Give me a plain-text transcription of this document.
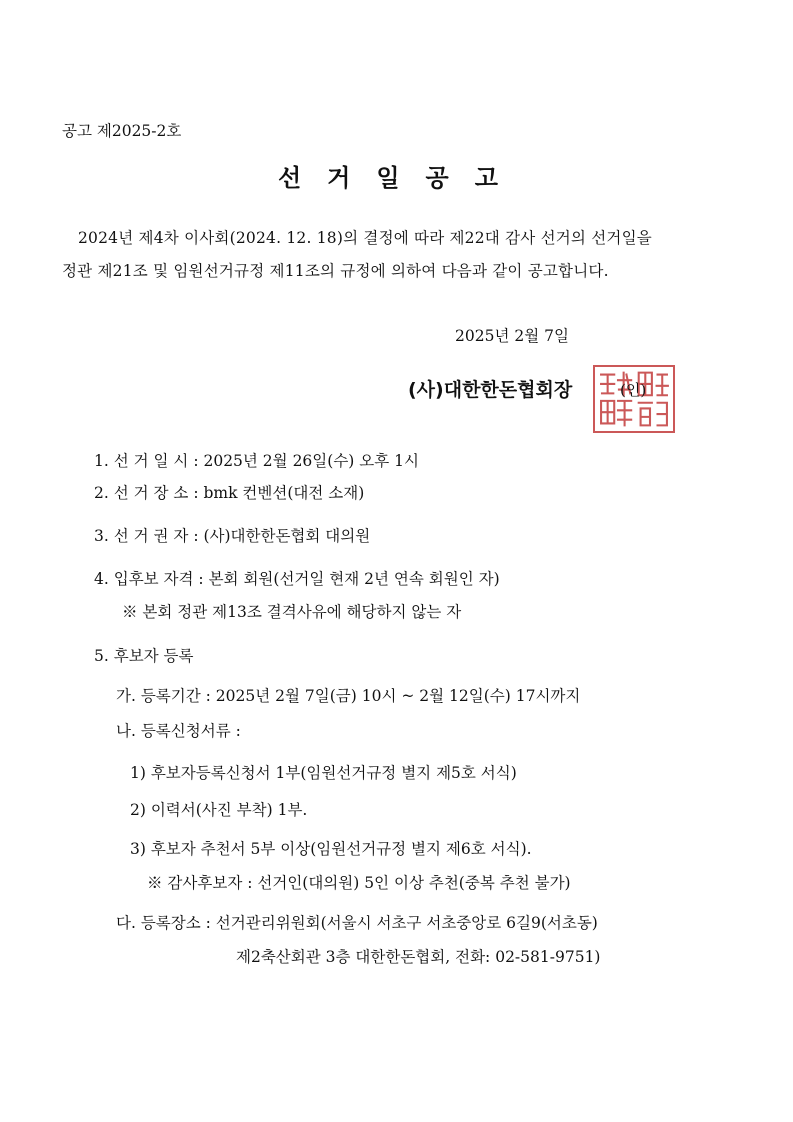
공고 제2025-2호
선거일공고
2024년 제4차 이사회(2024. 12. 18)의 결정에 따라 제22대 감사 선거의 선거일을
정관 제21조 및 임원선거규정 제11조의 규정에 의하여 다음과 같이 공고합니다.
2025년 2월 7일
(사)대한한돈협회장	(인)
1. 선 거 일 시 : 2025년 2월 26일(수) 오후 1시
2. 선 거 장 소 : bmk 컨벤션(대전 소재)
3. 선 거 권 자 : (사)대한한돈협회 대의원
4. 입후보 자격 : 본회 회원(선거일 현재 2년 연속 회원인 자)
※ 본회 정관 제13조 결격사유에 해당하지 않는 자
5. 후보자 등록
가. 등록기간 : 2025년 2월 7일(금) 10시 ~ 2월 12일(수) 17시까지
나. 등록신청서류 :
1) 후보자등록신청서 1부(임원선거규정 별지 제5호 서식)
2) 이력서(사진 부착) 1부.
3) 후보자 추천서 5부 이상(임원선거규정 별지 제6호 서식).
※ 감사후보자 : 선거인(대의원) 5인 이상 추천(중복 추천 불가)
다. 등록장소 : 선거관리위원회(서울시 서초구 서초중앙로 6길9(서초동)
제2축산회관 3층 대한한돈협회, 전화: 02-581-9751)
